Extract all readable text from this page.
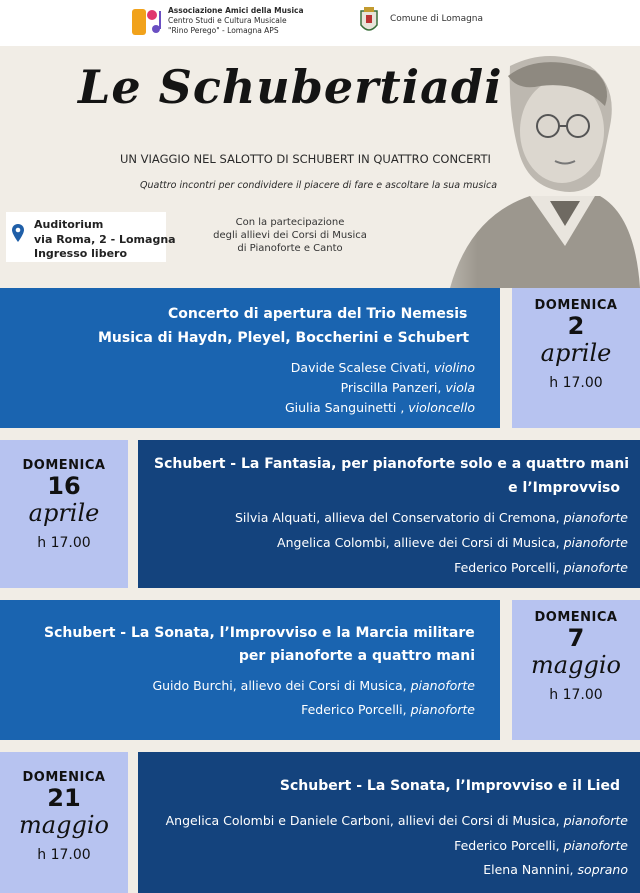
Associazione Amici della Musica
Centro Studi e Cultura Musicale
"Rino Perego" - Lomagna APS
Comune di Lomagna
Le Schubertiadi
UN VIAGGIO NEL SALOTTO DI SCHUBERT IN QUATTRO CONCERTI
Quattro incontri per condividere il piacere di fare e ascoltare la sua musica
Auditorium
via Roma, 2 - Lomagna
Ingresso libero
Con la partecipazione
degli allievi dei Corsi di Musica
di Pianoforte e Canto
DOMENICA
2
aprile
h 17.00
Concerto di apertura del Trio Nemesis
Musica di Haydn, Pleyel, Boccherini e Schubert
Davide Scalese Civati, violino
Priscilla Panzeri, viola
Giulia Sanguinetti , violoncello
DOMENICA
16
aprile
h 17.00
Schubert - La Fantasia, per pianoforte solo e a quattro mani
e l’Improvviso
Silvia Alquati, allieva del Conservatorio di Cremona, pianoforte
Angelica Colombi, allieve dei Corsi di Musica, pianoforte
Federico Porcelli, pianoforte
DOMENICA
7
maggio
h 17.00
Schubert - La Sonata, l’Improvviso e la Marcia militare
per pianoforte a quattro mani
Guido Burchi, allievo dei Corsi di Musica, pianoforte
Federico Porcelli, pianoforte
DOMENICA
21
maggio
h 17.00
Schubert - La Sonata, l’Improvviso e il Lied
Angelica Colombi e Daniele Carboni, allievi dei Corsi di Musica, pianoforte
Federico Porcelli, pianoforte
Elena Nannini, soprano
